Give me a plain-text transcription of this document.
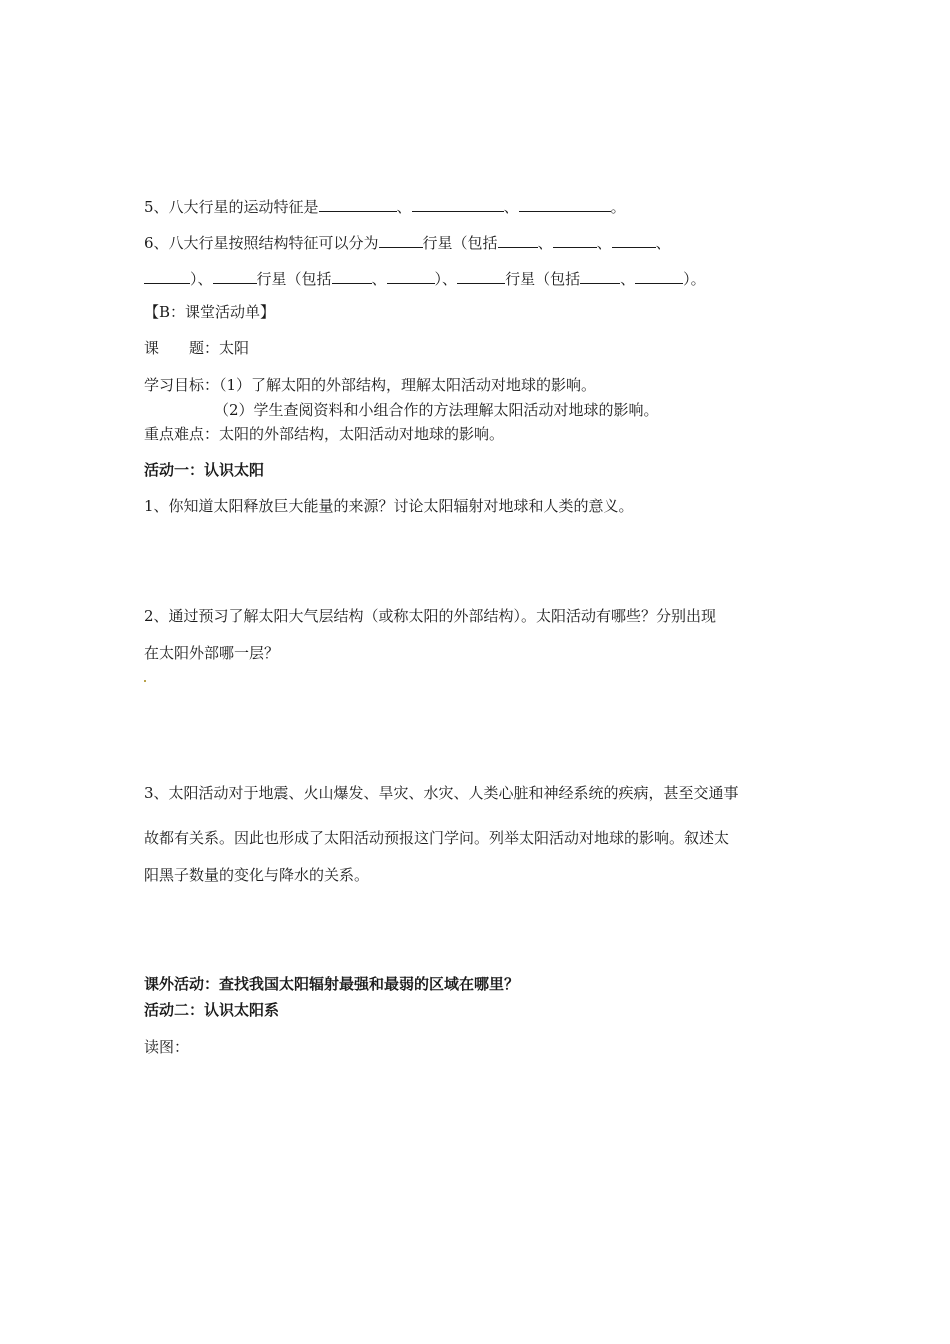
5、八大行星的运动特征是	、	、	。
6、八大行星按照结构特征可以分为	行星（包括	、	、	、
）、	行星（包括	、	）、	行星（包括	、	）。
【B：课堂活动单】
课　　题：太阳
学习目标：（1）了解太阳的外部结构，理解太阳活动对地球的影响。
（2）学生查阅资料和小组合作的方法理解太阳活动对地球的影响。
重点难点：太阳的外部结构，太阳活动对地球的影响。
活动一：认识太阳
1、你知道太阳释放巨大能量的来源？讨论太阳辐射对地球和人类的意义。
2、通过预习了解太阳大气层结构（或称太阳的外部结构）。太阳活动有哪些？分别出现
在太阳外部哪一层？
3、太阳活动对于地震、火山爆发、旱灾、水灾、人类心脏和神经系统的疾病，甚至交通事
故都有关系。因此也形成了太阳活动预报这门学问。列举太阳活动对地球的影响。叙述太
阳黑子数量的变化与降水的关系。
课外活动：查找我国太阳辐射最强和最弱的区域在哪里？
活动二：认识太阳系
读图：
